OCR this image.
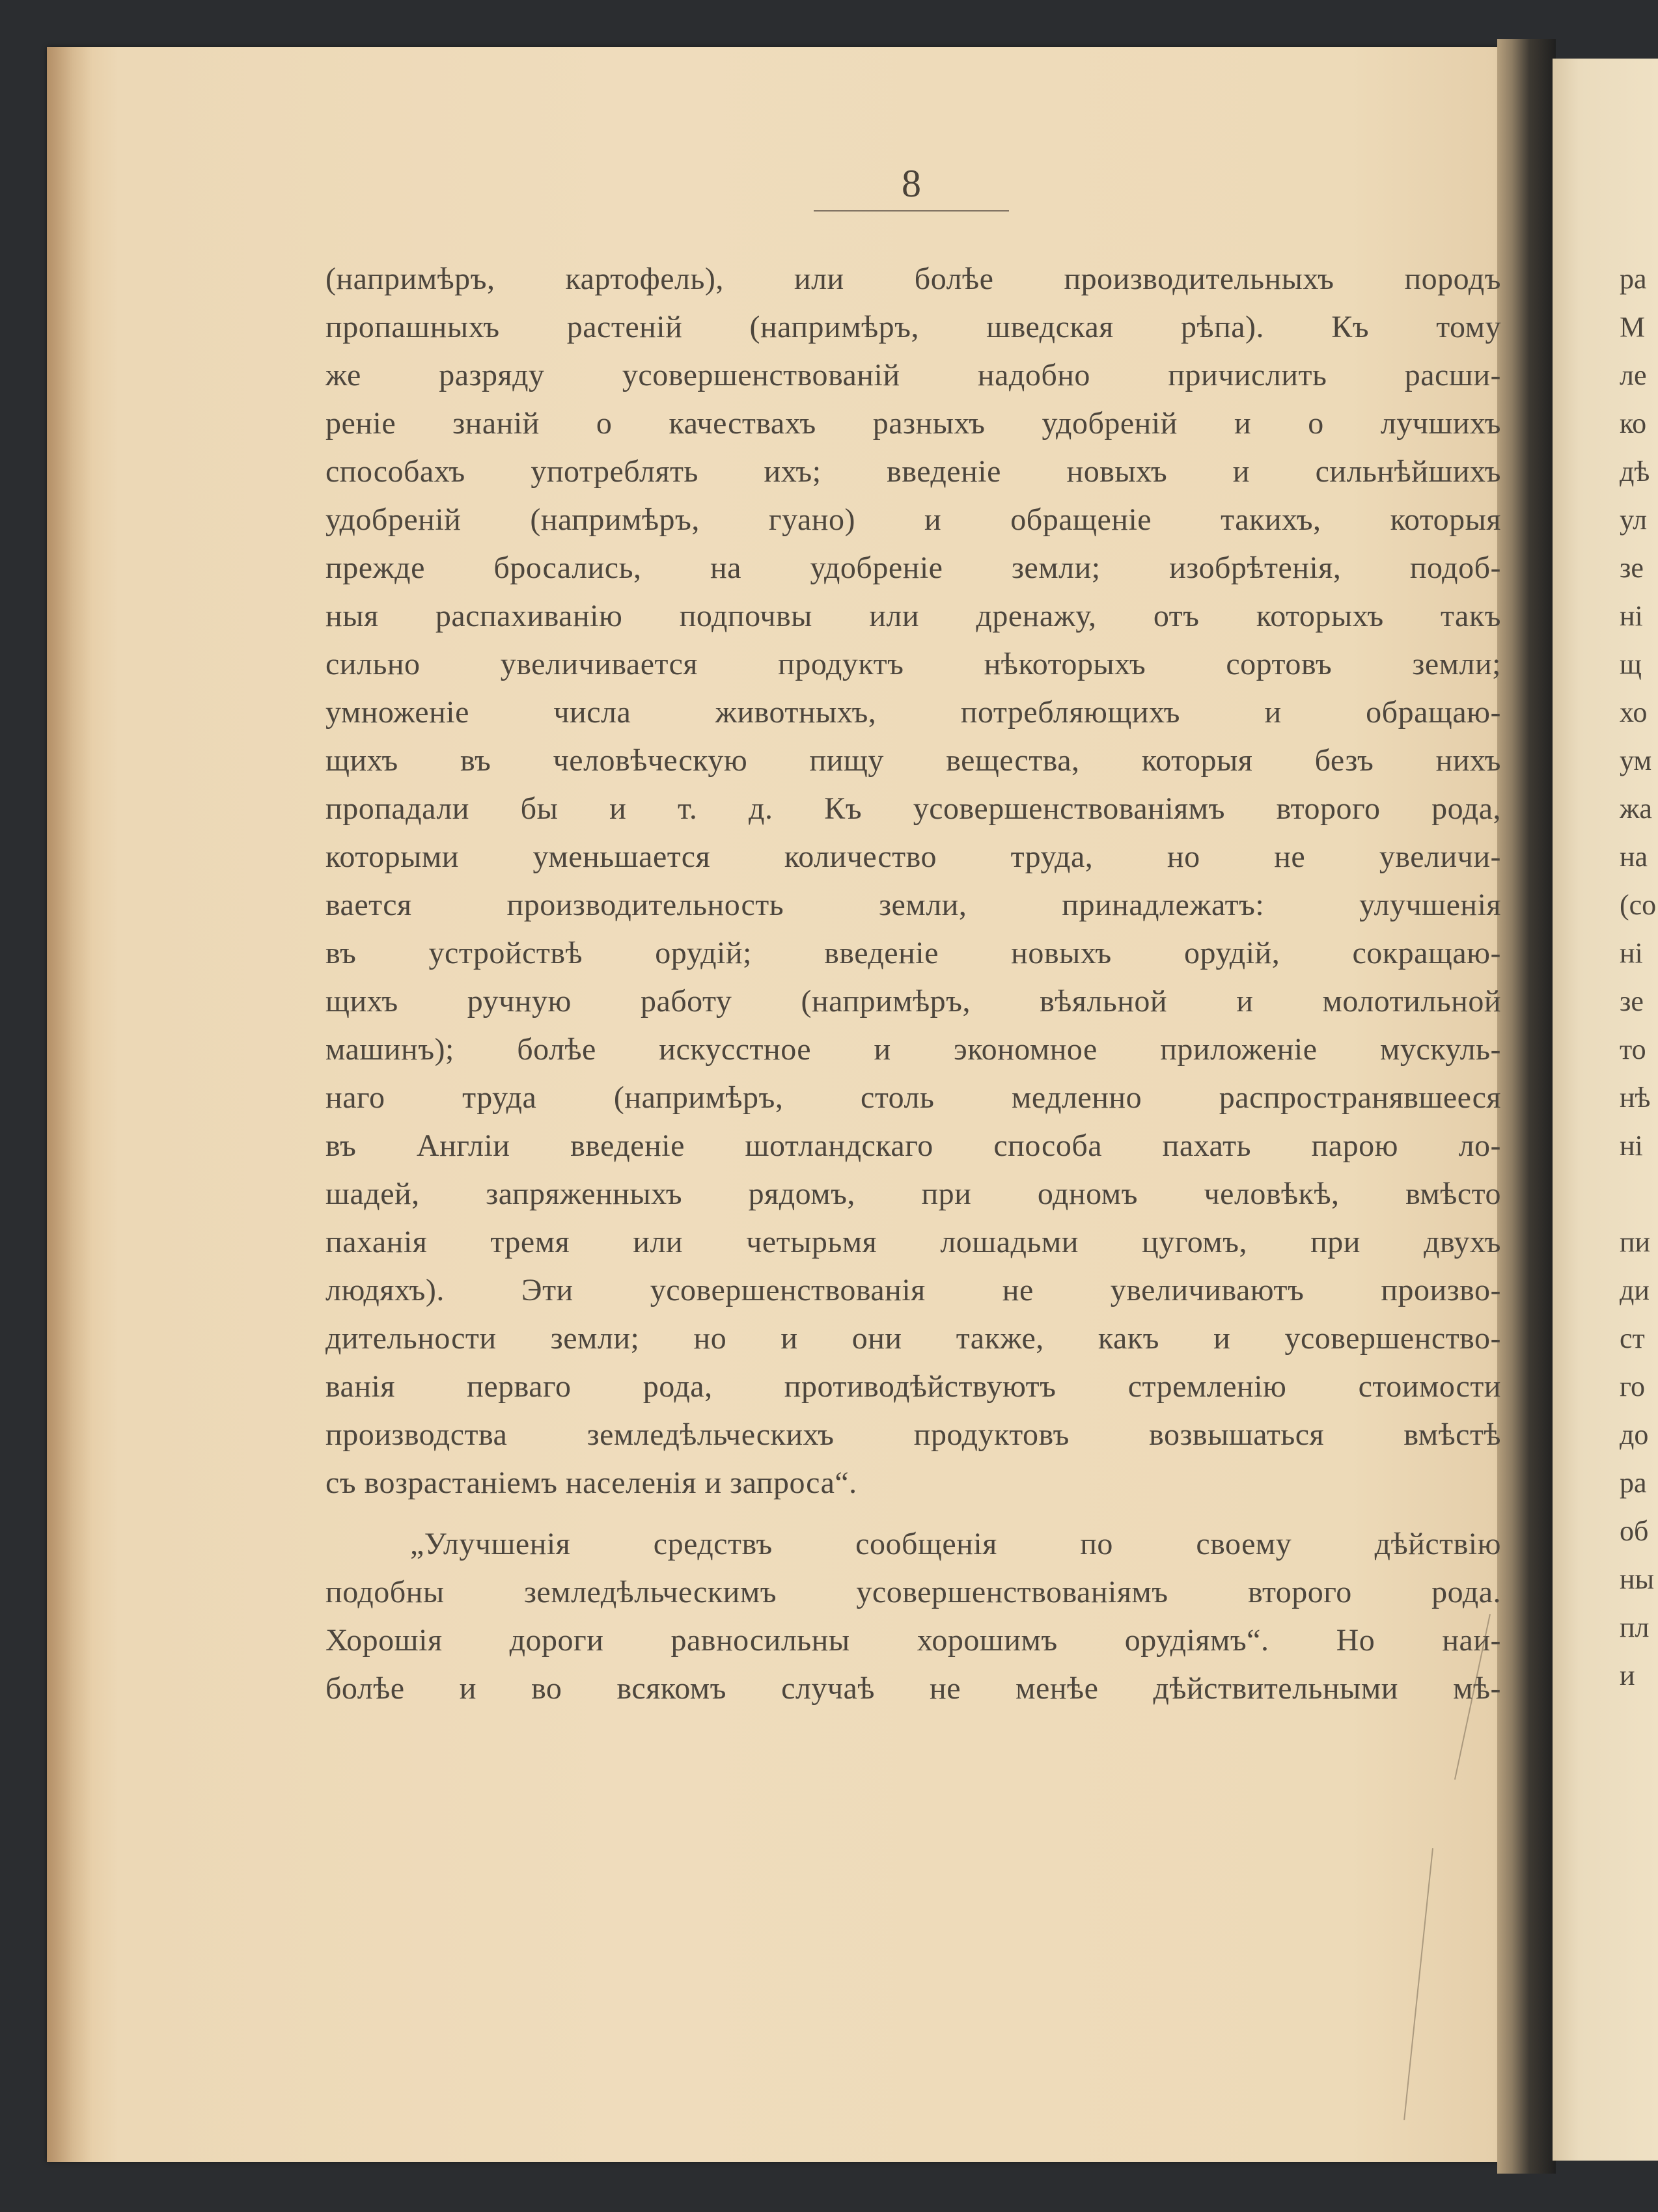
8
(напримѣръ, картофель), или болѣе производительныхъ породъ
пропашныхъ растеній (напримѣръ, шведская рѣпа). Къ тому
же разряду усовершенствованій надобно причислить расши-
реніе знаній о качествахъ разныхъ удобреній и о лучшихъ
способахъ употреблять ихъ; введеніе новыхъ и сильнѣйшихъ
удобреній (напримѣръ, гуано) и обращеніе такихъ, которыя
прежде бросались, на удобреніе земли; изобрѣтенія, подоб-
ныя распахиванію подпочвы или дренажу, отъ которыхъ такъ
сильно увеличивается продуктъ нѣкоторыхъ сортовъ земли;
умноженіе числа животныхъ, потребляющихъ и обращаю-
щихъ въ человѣческую пищу вещества, которыя безъ нихъ
пропадали бы и т. д. Къ усовершенствованіямъ второго рода,
которыми уменьшается количество труда, но не увеличи-
вается производительность земли, принадлежатъ: улучшенія
въ устройствѣ орудій; введеніе новыхъ орудій, сокращаю-
щихъ ручную работу (напримѣръ, вѣяльной и молотильной
машинъ); болѣе искусстное и экономное приложеніе мускуль-
наго труда (напримѣръ, столь медленно распространявшееся
въ Англіи введеніе шотландскаго способа пахать парою ло-
шадей, запряженныхъ рядомъ, при одномъ человѣкѣ, вмѣсто
паханія тремя или четырьмя лошадьми цугомъ, при двухъ
людяхъ). Эти усовершенствованія не увеличиваютъ произво-
дительности земли; но и они также, какъ и усовершенство-
ванія перваго рода, противодѣйствуютъ стремленію стоимости
производства земледѣльческихъ продуктовъ возвышаться вмѣстѣ
съ возрастаніемъ населенія и запроса“.
„Улучшенія средствъ сообщенія по своему дѣйствію
подобны земледѣльческимъ усовершенствованіямъ второго рода.
Хорошія дороги равносильны хорошимъ орудіямъ“. Но наи-
болѣе и во всякомъ случаѣ не менѣе дѣйствительными мѣ-
ра
М
ле
ко
дѣ
ул
зе
ні
щ
хо
ум
жа
на
(со
ні
зе
то
нѣ
ні
пи
ди
ст
го
до
ра
об
ны
пл
и
